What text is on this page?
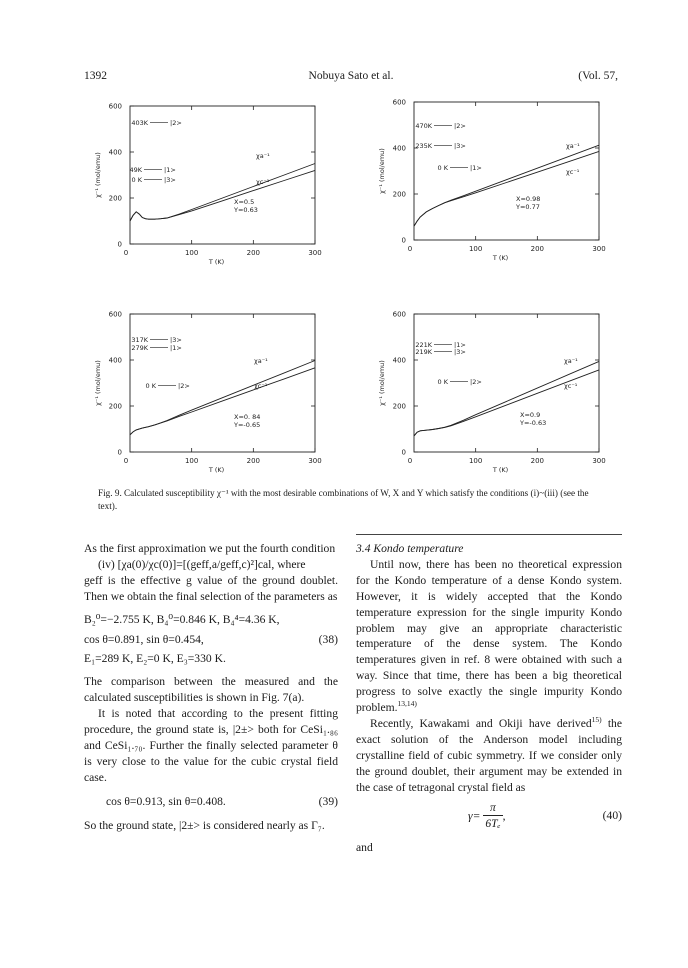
1392	Nobuya Sato et al.	(Vol. 57,
600
400
200
0
0	100	200	300
T (K)
χ⁻¹ (mol/emu)
403K	|2>
49K	|1>
0 K	|3>
X=0.5
Y=0.63
χa⁻¹
χc⁻¹
600
400
200
0
0	100	200	300
T (K)
χ⁻¹ (mol/emu)
470K	|2>
235K	|3>
0 K	|1>
X=0.98
Y=0.77
χa⁻¹
χc⁻¹
600
400
200
0
0	100	200	300
T (K)
χ⁻¹ (mol/emu)
317K	|3>
279K	|1>
0 K	|2>
X=0. 84
Y=-0.65
χa⁻¹
χc⁻¹
600
400
200
0
0	100	200	300
T (K)
χ⁻¹ (mol/emu)
221K	|1>
219K	|3>
0 K	|2>
X=0.9
Y=-0.63
χa⁻¹
χc⁻¹
Fig. 9. Calculated susceptibility χ⁻¹ with the most desirable combinations of W, X and Y which satisfy the conditions (i)~(iii) (see the text).

As the first approximation we put the fourth condition

(iv) [χa(0)/χc(0)]=[(geff,a/geff,c)²]cal, where

geff is the effective g value of the ground doublet. Then we obtain the final selection of the parameters as

B₂⁰=−2.755 K, B₄⁰=0.846 K, B₄⁴=4.36 K,

cos θ=0.891, sin θ=0.454,	(38)

E₁=289 K, E₂=0 K, E₃=330 K.

The comparison between the measured and the calculated susceptibilities is shown in Fig. 7(a).

It is noted that according to the present fitting procedure, the ground state is, |2±> both for CeSi₁.₈₆ and CeSi₁.₇₀. Further the finally selected parameter θ is very close to the value for the cubic crystal field case.

cos θ=0.913, sin θ=0.408.	(39)

So the ground state, |2±> is considered nearly as Γ₇.

3.4 Kondo temperature

Until now, there has been no theoretical expression for the Kondo temperature of a dense Kondo system. However, it is widely accepted that the Kondo temperature expression for the single impurity Kondo problem may give an appropriate characteristic temperature of the dense system. The Kondo temperatures given in ref. 8 were obtained with such a way. Since that time, there has been a big theoretical progress to solve exactly the single impurity Kondo problem.$^{13,14)}$

Recently, Kawakami and Okiji have derived$^{15)}$ the exact solution of the Anderson model including crystalline field of cubic symmetry. If we consider only the ground doublet, their argument may be extended in the case of tetragonal crystal field as

$\gamma= \frac{\pi}{\text{6Tₑ}}$ ,	(40)

and
